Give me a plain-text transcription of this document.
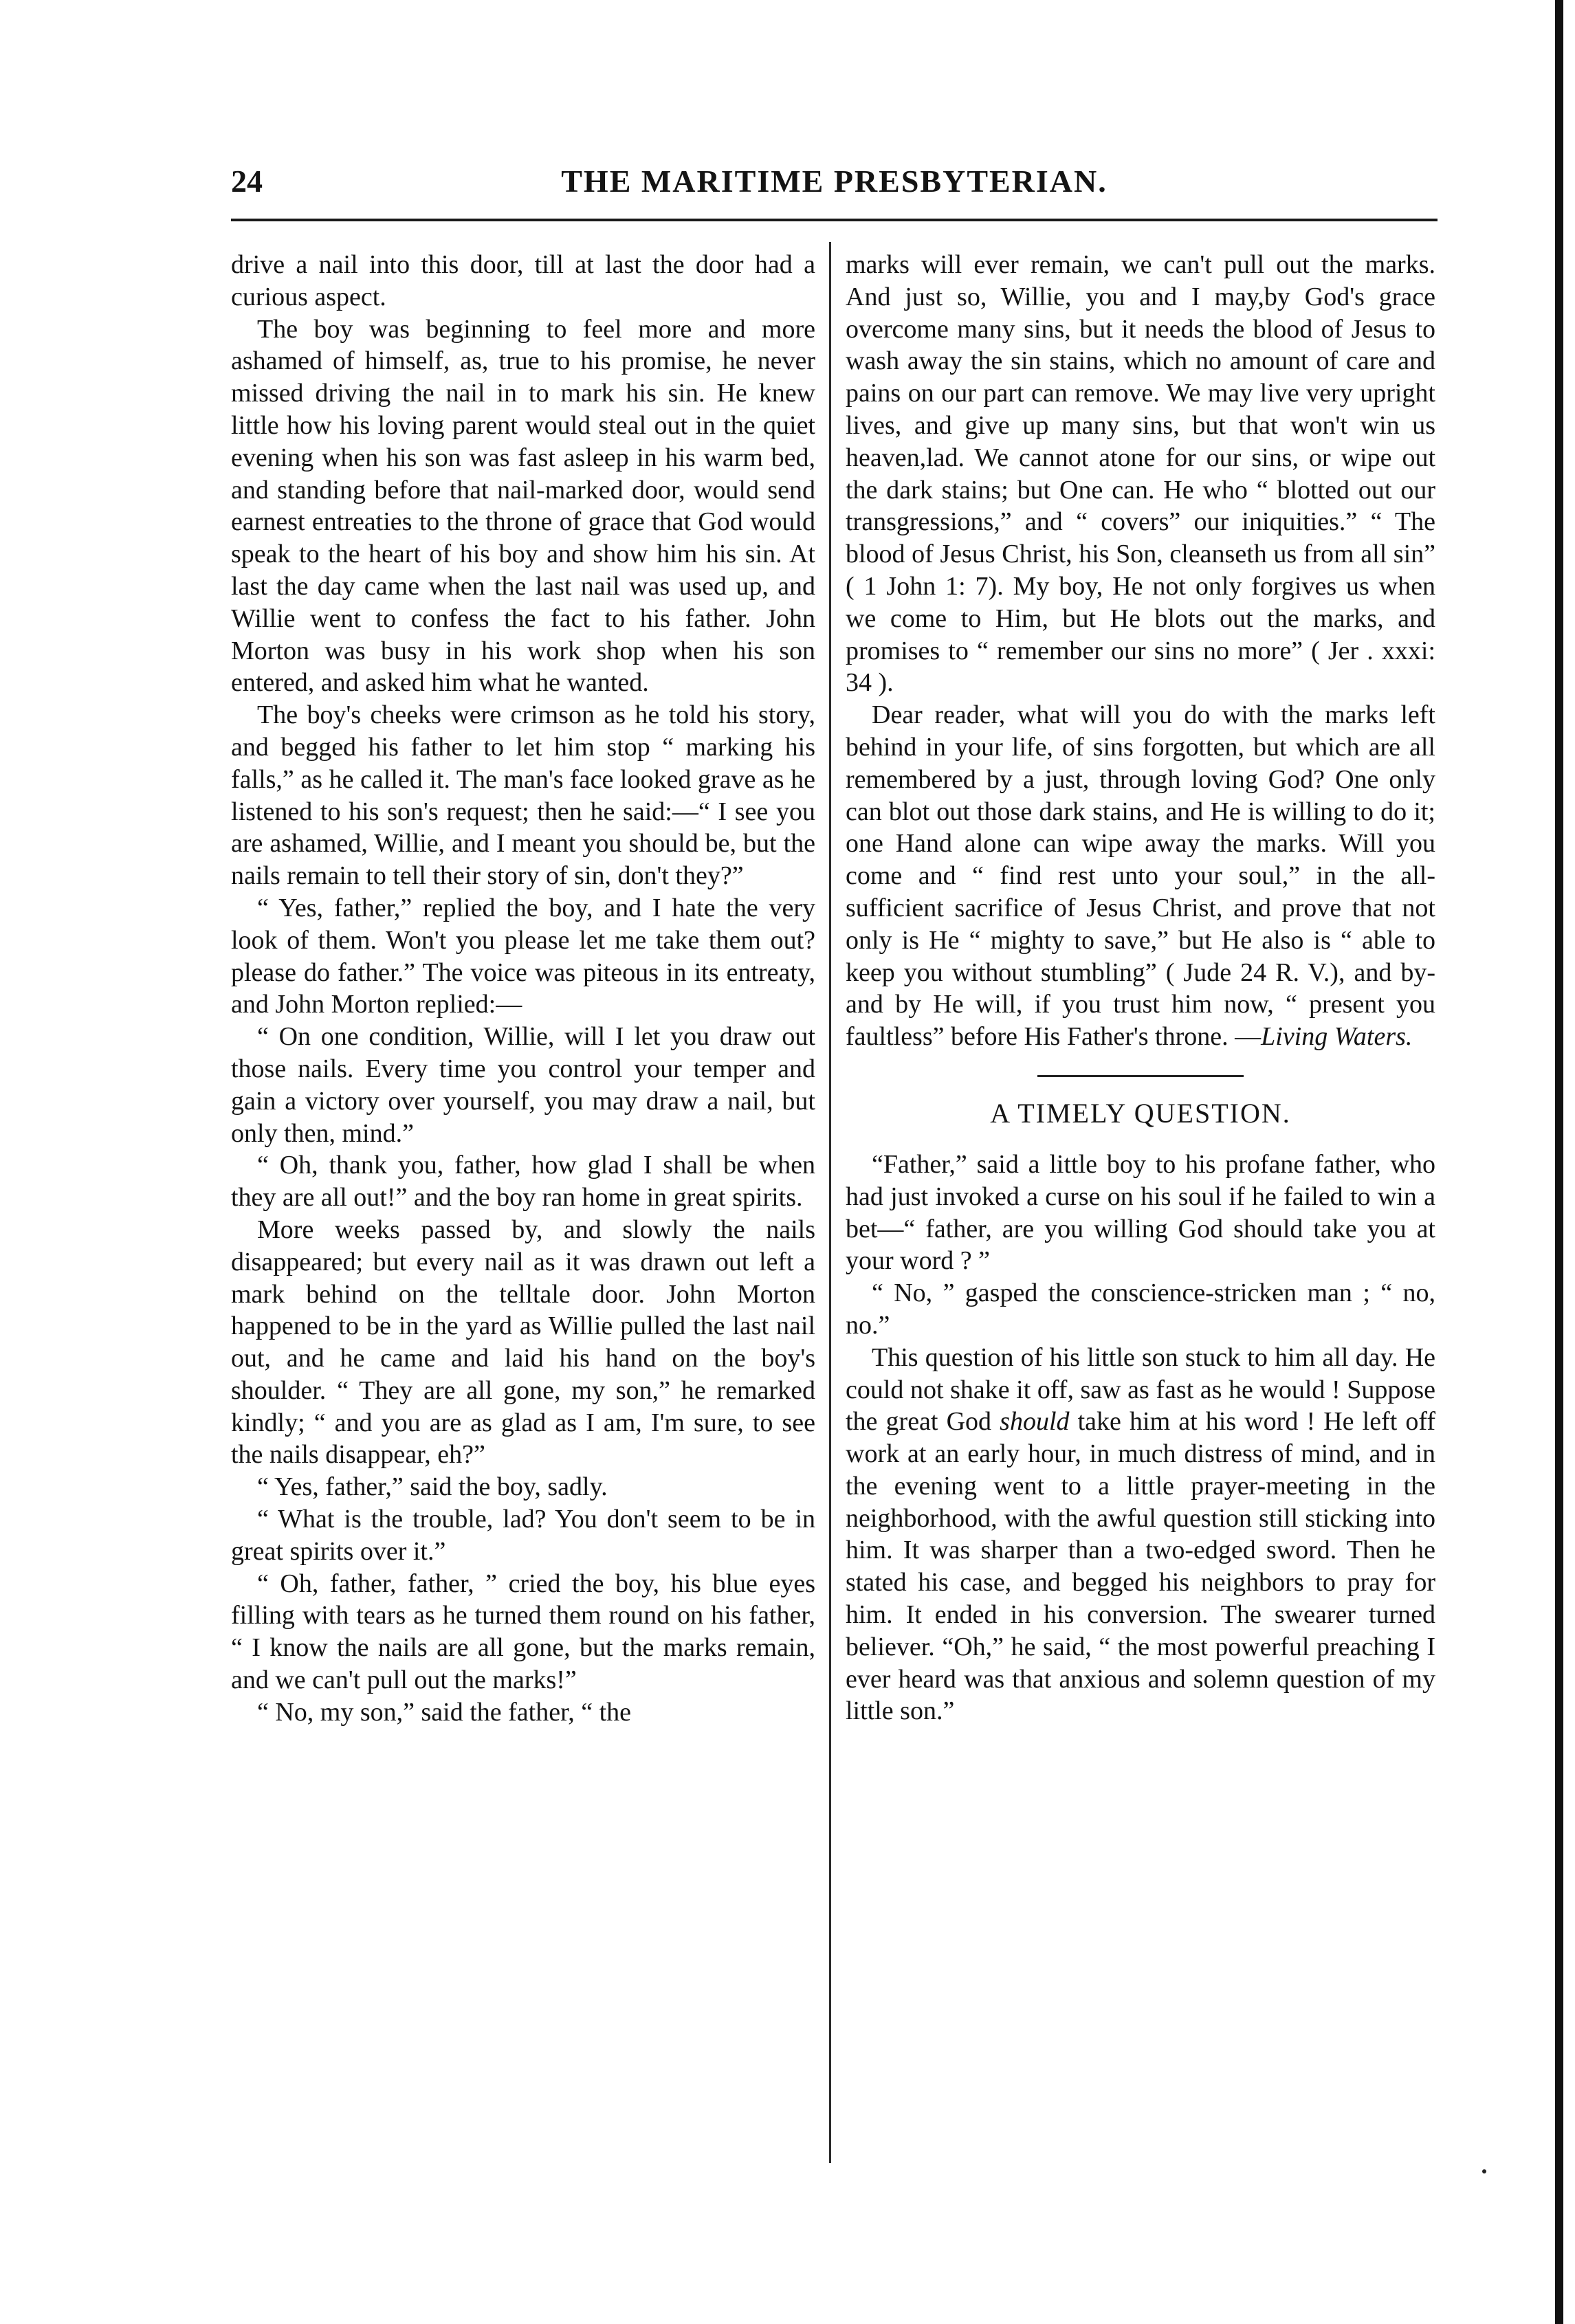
THE MARITIME PRESBYTERIAN.
24

drive a nail into this door, till at last the door had a curious aspect.

The boy was beginning to feel more and more ashamed of himself, as, true to his promise, he never missed driving the nail in to mark his sin. He knew little how his loving parent would steal out in the quiet evening when his son was fast asleep in his warm bed, and standing before that nail-marked door, would send earnest entreaties to the throne of grace that God would speak to the heart of his boy and show him his sin. At last the day came when the last nail was used up, and Willie went to confess the fact to his father. John Morton was busy in his work shop when his son entered, and asked him what he wanted.

The boy's cheeks were crimson as he told his story, and begged his father to let him stop “ marking his falls,” as he called it. The man's face looked grave as he listened to his son's request; then he said:—“ I see you are ashamed, Willie, and I meant you should be, but the nails remain to tell their story of sin, don't they?”

“ Yes, father,” replied the boy, and I hate the very look of them. Won't you please let me take them out? please do father.” The voice was piteous in its entreaty, and John Morton replied:—

“ On one condition, Willie, will I let you draw out those nails. Every time you control your temper and gain a victory over yourself, you may draw a nail, but only then, mind.”

“ Oh, thank you, father, how glad I shall be when they are all out!” and the boy ran home in great spirits.

More weeks passed by, and slowly the nails disappeared; but every nail as it was drawn out left a mark behind on the telltale door. John Morton happened to be in the yard as Willie pulled the last nail out, and he came and laid his hand on the boy's shoulder. “ They are all gone, my son,” he remarked kindly; “ and you are as glad as I am, I'm sure, to see the nails disappear, eh?”

“ Yes, father,” said the boy, sadly.

“ What is the trouble, lad? You don't seem to be in great spirits over it.”

“ Oh, father, father, ” cried the boy, his blue eyes filling with tears as he turned them round on his father, “ I know the nails are all gone, but the marks remain, and we can't pull out the marks!”

“ No, my son,” said the father, “ the

marks will ever remain, we can't pull out the marks. And just so, Willie, you and I may,by God's grace overcome many sins, but it needs the blood of Jesus to wash away the sin stains, which no amount of care and pains on our part can remove. We may live very upright lives, and give up many sins, but that won't win us heaven,lad. We cannot atone for our sins, or wipe out the dark stains; but One can. He who “ blotted out our transgressions,” and “ covers” our iniquities.” “ The blood of Jesus Christ, his Son, cleanseth us from all sin” ( 1 John 1: 7). My boy, He not only forgives us when we come to Him, but He blots out the marks, and promises to “ remember our sins no more” ( Jer . xxxi: 34 ).

Dear reader, what will you do with the marks left behind in your life, of sins forgotten, but which are all remembered by a just, through loving God? One only can blot out those dark stains, and He is willing to do it; one Hand alone can wipe away the marks. Will you come and “ find rest unto your soul,” in the all-sufficient sacrifice of Jesus Christ, and prove that not only is He “ mighty to save,” but He also is “ able to keep you without stumbling” ( Jude 24 R. V.), and by-and by He will, if you trust him now, “ present you faultless” before His Father's throne. —Living Waters.

A TIMELY QUESTION.

“Father,” said a little boy to his profane father, who had just invoked a curse on his soul if he failed to win a bet—“ father, are you willing God should take you at your word ? ”

“ No, ” gasped the conscience-stricken man ; “ no, no.”

This question of his little son stuck to him all day. He could not shake it off, saw as fast as he would ! Suppose the great God should take him at his word ! He left off work at an early hour, in much distress of mind, and in the evening went to a little prayer-meeting in the neighborhood, with the awful question still sticking into him. It was sharper than a two-edged sword. Then he stated his case, and begged his neighbors to pray for him. It ended in his conversion. The swearer turned believer. “Oh,” he said, “ the most powerful preaching I ever heard was that anxious and solemn question of my little son.”
